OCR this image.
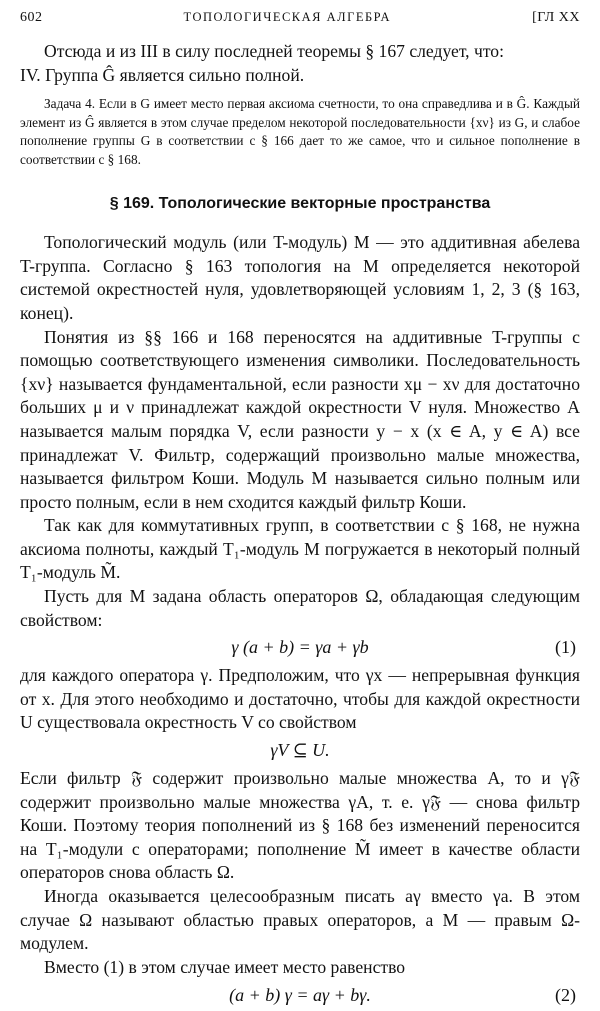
602	ТОПОЛОГИЧЕСКАЯ АЛГЕБРА	[ГЛ XX

Отсюда и из III в силу последней теоремы § 167 следует, что:

IV. Группа Ĝ является сильно полной.

Задача 4. Если в G имеет место первая аксиома счетности, то она справедлива и в Ĝ. Каждый элемент из Ĝ является в этом случае пределом некоторой последовательности {xν} из G, и слабое пополнение группы G в соответствии с § 166 дает то же самое, что и сильное пополнение в соответствии с § 168.

§ 169. Топологические векторные пространства

Топологический модуль (или T-модуль) M — это аддитивная абелева T-группа. Согласно § 163 топология на M определяется некоторой системой окрестностей нуля, удовлетворяющей условиям 1, 2, 3 (§ 163, конец).

Понятия из §§ 166 и 168 переносятся на аддитивные T-группы с помощью соответствующего изменения символики. Последовательность {xν} называется фундаментальной, если разности xμ − xν для достаточно больших μ и ν принадлежат каждой окрестности V нуля. Множество A называется малым порядка V, если разности y − x (x ∈ A, y ∈ A) все принадлежат V. Фильтр, содержащий произвольно малые множества, называется фильтром Коши. Модуль M называется сильно полным или просто полным, если в нем сходится каждый фильтр Коши.

Так как для коммутативных групп, в соответствии с § 168, не нужна аксиома полноты, каждый T₁-модуль M погружается в некоторый полный T₁-модуль M̃.

Пусть для M задана область операторов Ω, обладающая следующим свойством:

γ (a + b) = γa + γb	(1)

для каждого оператора γ. Предположим, что γx — непрерывная функция от x. Для этого необходимо и достаточно, чтобы для каждой окрестности U существовала окрестность V со свойством

γV ⊆ U.

Если фильтр 𝔉 содержит произвольно малые множества A, то и γ𝔉 содержит произвольно малые множества γA, т. е. γ𝔉 — снова фильтр Коши. Поэтому теория пополнений из § 168 без изменений переносится на T₁-модули с операторами; пополнение M̃ имеет в качестве области операторов снова область Ω.

Иногда оказывается целесообразным писать aγ вместо γa. В этом случае Ω называют областью правых операторов, а M — правым Ω-модулем.

Вместо (1) в этом случае имеет место равенство

(a + b) γ = aγ + bγ.	(2)
